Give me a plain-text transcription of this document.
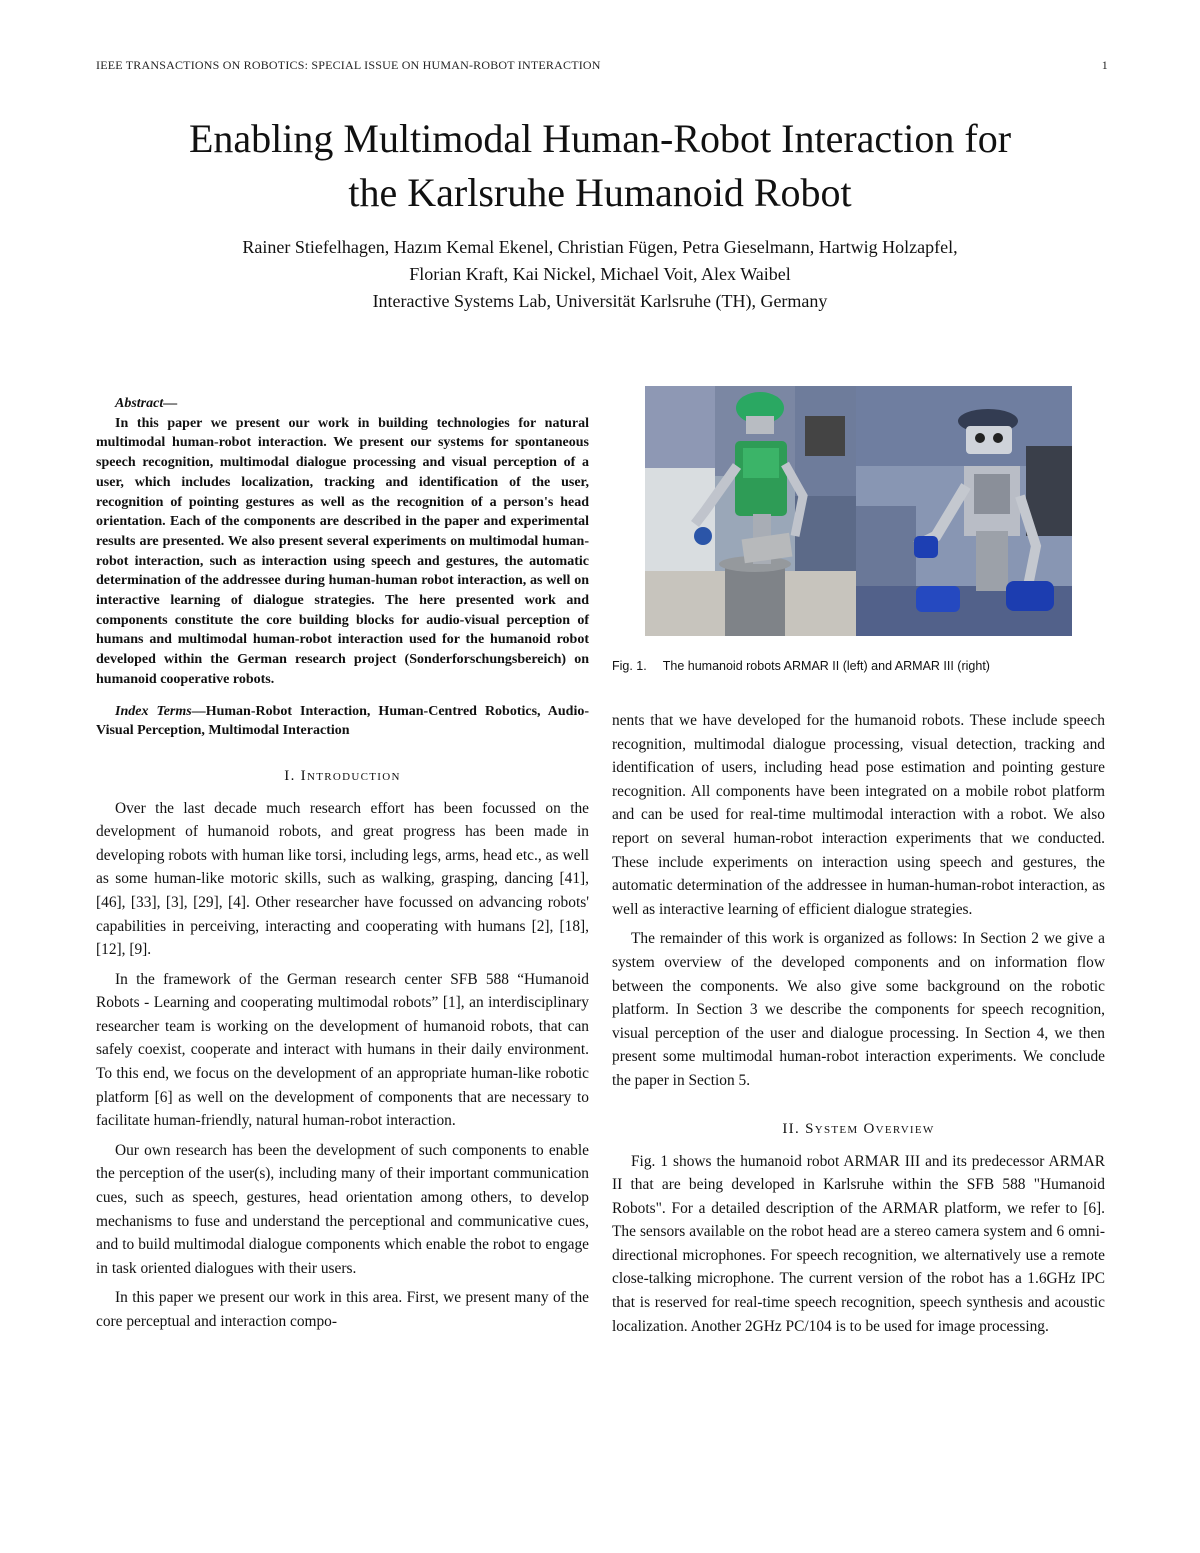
IEEE TRANSACTIONS ON ROBOTICS: SPECIAL ISSUE ON HUMAN-ROBOT INTERACTION	1
Enabling Multimodal Human-Robot Interaction for
the Karlsruhe Humanoid Robot
Rainer Stiefelhagen, Hazım Kemal Ekenel, Christian Fügen, Petra Gieselmann, Hartwig Holzapfel,
Florian Kraft, Kai Nickel, Michael Voit, Alex Waibel
Interactive Systems Lab, Universität Karlsruhe (TH), Germany

Abstract—

In this paper we present our work in building technologies for natural multimodal human-robot interaction. We present our systems for spontaneous speech recognition, multimodal dialogue processing and visual perception of a user, which includes localization, tracking and identification of the user, recognition of pointing gestures as well as the recognition of a person's head orientation. Each of the components are described in the paper and experimental results are presented. We also present several experiments on multimodal human-robot interaction, such as interaction using speech and gestures, the automatic determination of the addressee during human-human robot interaction, as well on interactive learning of dialogue strategies. The here presented work and components constitute the core building blocks for audio-visual perception of humans and multimodal human-robot interaction used for the humanoid robot developed within the German research project (Sonderforschungsbereich) on humanoid cooperative robots.

Index Terms—Human-Robot Interaction, Human-Centred Robotics, Audio-Visual Perception, Multimodal Interaction

I. Introduction

Over the last decade much research effort has been focussed on the development of humanoid robots, and great progress has been made in developing robots with human like torsi, including legs, arms, head etc., as well as some human-like motoric skills, such as walking, grasping, dancing [41], [46], [33], [3], [29], [4]. Other researcher have focussed on advancing robots' capabilities in perceiving, interacting and cooperating with humans [2], [18], [12], [9].

In the framework of the German research center SFB 588 “Humanoid Robots - Learning and cooperating multimodal robots” [1], an interdisciplinary researcher team is working on the development of humanoid robots, that can safely coexist, cooperate and interact with humans in their daily environment. To this end, we focus on the development of an appropriate human-like robotic platform [6] as well on the development of components that are necessary to facilitate human-friendly, natural human-robot interaction.

Our own research has been the development of such components to enable the perception of the user(s), including many of their important communication cues, such as speech, gestures, head orientation among others, to develop mechanisms to fuse and understand the perceptional and communicative cues, and to build multimodal dialogue components which enable the robot to engage in task oriented dialogues with their users.

In this paper we present our work in this area. First, we present many of the core perceptual and interaction compo-

Fig. 1. The humanoid robots ARMAR II (left) and ARMAR III (right)

nents that we have developed for the humanoid robots. These include speech recognition, multimodal dialogue processing, visual detection, tracking and identification of users, including head pose estimation and pointing gesture recognition. All components have been integrated on a mobile robot platform and can be used for real-time multimodal interaction with a robot. We also report on several human-robot interaction experiments that we conducted. These include experiments on interaction using speech and gestures, the automatic determination of the addressee in human-human-robot interaction, as well as interactive learning of efficient dialogue strategies.

The remainder of this work is organized as follows: In Section 2 we give a system overview of the developed components and on information flow between the components. We also give some background on the robotic platform. In Section 3 we describe the components for speech recognition, visual perception of the user and dialogue processing. In Section 4, we then present some multimodal human-robot interaction experiments. We conclude the paper in Section 5.

II. System Overview

Fig. 1 shows the humanoid robot ARMAR III and its predecessor ARMAR II that are being developed in Karlsruhe within the SFB 588 "Humanoid Robots". For a detailed description of the ARMAR platform, we refer to [6]. The sensors available on the robot head are a stereo camera system and 6 omni-directional microphones. For speech recognition, we alternatively use a remote close-talking microphone. The current version of the robot has a 1.6GHz IPC that is reserved for real-time speech recognition, speech synthesis and acoustic localization. Another 2GHz PC/104 is to be used for image processing.
